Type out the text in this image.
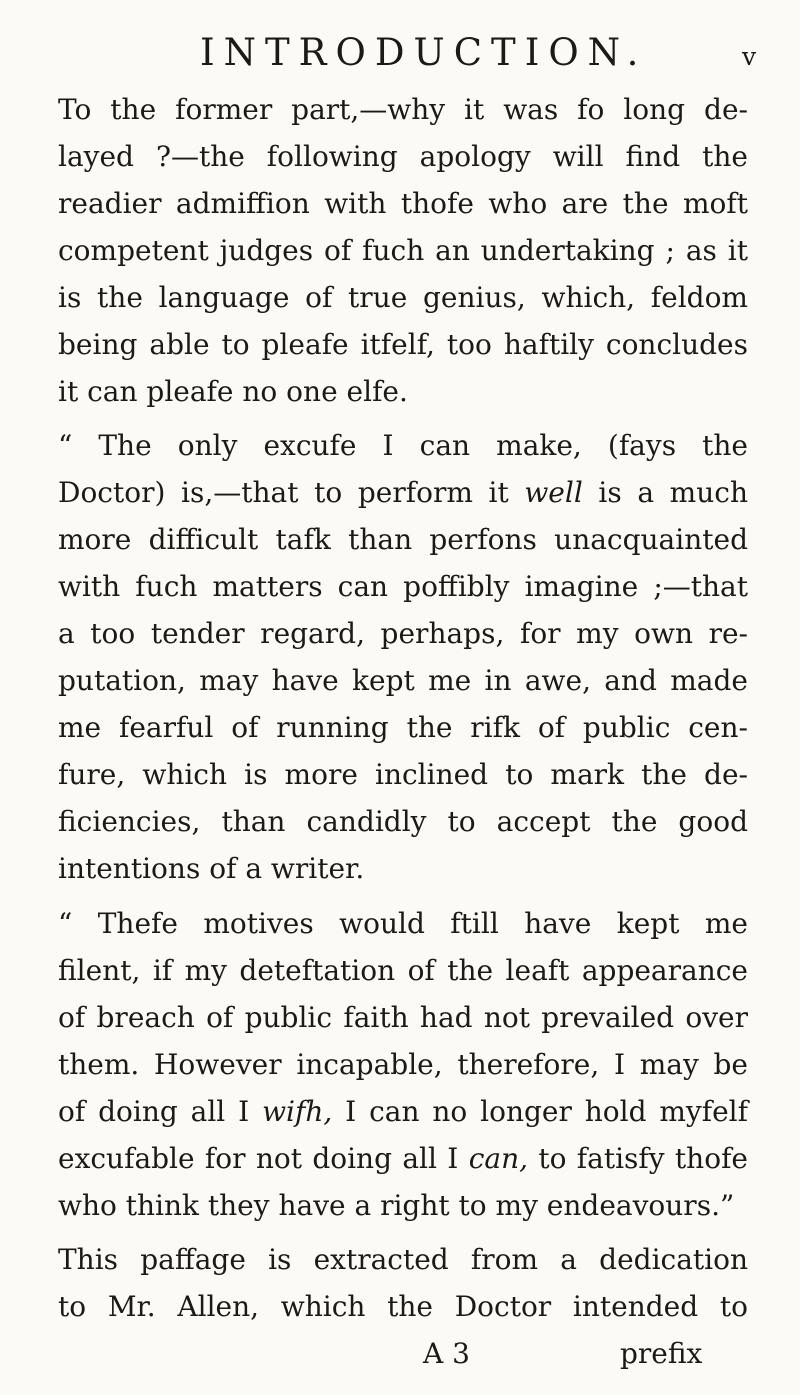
INTRODUCTION.	v
To the former part,—why it was fo long de-
layed ?—the following apology will find the
readier admiffion with thofe who are the moft
competent judges of fuch an undertaking ; as it
is the language of true genius, which, feldom
being able to pleafe itfelf, too haftily concludes
it can pleafe no one elfe.
“ The only excufe I can make, (fays the
Doctor) is,—that to perform it well is a much
more difficult tafk than perfons unacquainted
with fuch matters can poffibly imagine ;—that
a too tender regard, perhaps, for my own re-
putation, may have kept me in awe, and made
me fearful of running the rifk of public cen-
fure, which is more inclined to mark the de-
ficiencies, than candidly to accept the good
intentions of a writer.
“ Thefe motives would ftill have kept me
filent, if my deteftation of the leaft appearance
of breach of public faith had not prevailed over
them. However incapable, therefore, I may be
of doing all I wifh, I can no longer hold myfelf
excufable for not doing all I can, to fatisfy thofe
who think they have a right to my endeavours.”
This paffage is extracted from a dedication
to Mr. Allen, which the Doctor intended to
A 3	prefix
